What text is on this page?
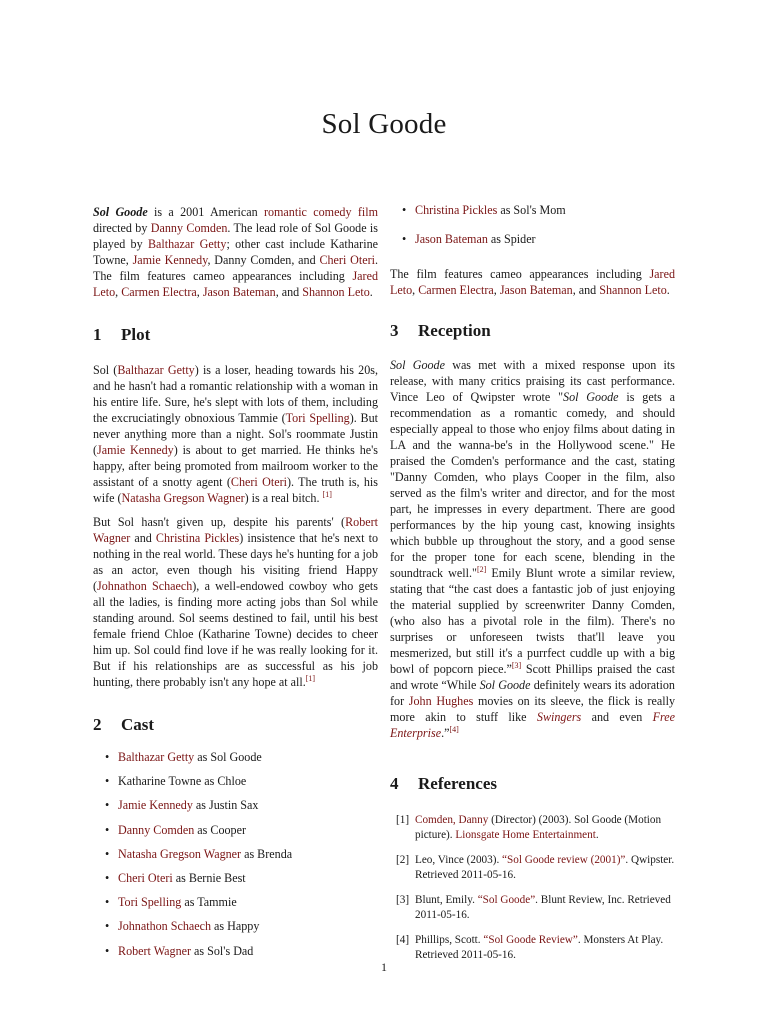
Sol Goode

Sol Goode is a 2001 American romantic comedy film directed by Danny Comden. The lead role of Sol Goode is played by Balthazar Getty; other cast include Katharine Towne, Jamie Kennedy, Danny Comden, and Cheri Oteri. The film features cameo appearances including Jared Leto, Carmen Electra, Jason Bateman, and Shannon Leto.

1 Plot

Sol (Balthazar Getty) is a loser, heading towards his 20s, and he hasn't had a romantic relationship with a woman in his entire life. Sure, he's slept with lots of them, including the excruciatingly obnoxious Tammie (Tori Spelling). But never anything more than a night. Sol's roommate Justin (Jamie Kennedy) is about to get married. He thinks he's happy, after being promoted from mailroom worker to the assistant of a snotty agent (Cheri Oteri). The truth is, his wife (Natasha Gregson Wagner) is a real bitch. [1]

But Sol hasn't given up, despite his parents' (Robert Wagner and Christina Pickles) insistence that he's next to nothing in the real world. These days he's hunting for a job as an actor, even though his visiting friend Happy (Johnathon Schaech), a well-endowed cowboy who gets all the ladies, is finding more acting jobs than Sol while standing around. Sol seems destined to fail, until his best female friend Chloe (Katharine Towne) decides to cheer him up. Sol could find love if he was really looking for it. But if his relationships are as successful as his job hunting, there probably isn't any hope at all.[1]

2 Cast
• Balthazar Getty as Sol Goode
• Katharine Towne as Chloe
• Jamie Kennedy as Justin Sax
• Danny Comden as Cooper
• Natasha Gregson Wagner as Brenda
• Cheri Oteri as Bernie Best
• Tori Spelling as Tammie
• Johnathon Schaech as Happy
• Robert Wagner as Sol's Dad
• Christina Pickles as Sol's Mom
• Jason Bateman as Spider

The film features cameo appearances including Jared Leto, Carmen Electra, Jason Bateman, and Shannon Leto.

3 Reception

Sol Goode was met with a mixed response upon its release, with many critics praising its cast performance. Vince Leo of Qwipster wrote "Sol Goode is gets a recommendation as a romantic comedy, and should especially appeal to those who enjoy films about dating in LA and the wanna-be's in the Hollywood scene." He praised the Comden's performance and the cast, stating "Danny Comden, who plays Cooper in the film, also served as the film's writer and director, and for the most part, he impresses in every department. There are good performances by the hip young cast, knowing insights which bubble up throughout the story, and a good sense for the proper tone for each scene, blending in the soundtrack well."[2] Emily Blunt wrote a similar review, stating that “the cast does a fantastic job of just enjoying the material supplied by screenwriter Danny Comden, (who also has a pivotal role in the film). There's no surprises or unforeseen twists that'll leave you mesmerized, but still it's a purrfect cuddle up with a big bowl of popcorn piece.”[3] Scott Phillips praised the cast and wrote “While Sol Goode definitely wears its adoration for John Hughes movies on its sleeve, the flick is really more akin to stuff like Swingers and even Free Enterprise.”[4]

4 References
[1] Comden, Danny (Director) (2003). Sol Goode (Motion picture). Lionsgate Home Entertainment.
[2] Leo, Vince (2003). “Sol Goode review (2001)”. Qwipster. Retrieved 2011-05-16.
[3] Blunt, Emily. “Sol Goode”. Blunt Review, Inc. Retrieved 2011-05-16.
[4] Phillips, Scott. “Sol Goode Review”. Monsters At Play. Retrieved 2011-05-16.
1
